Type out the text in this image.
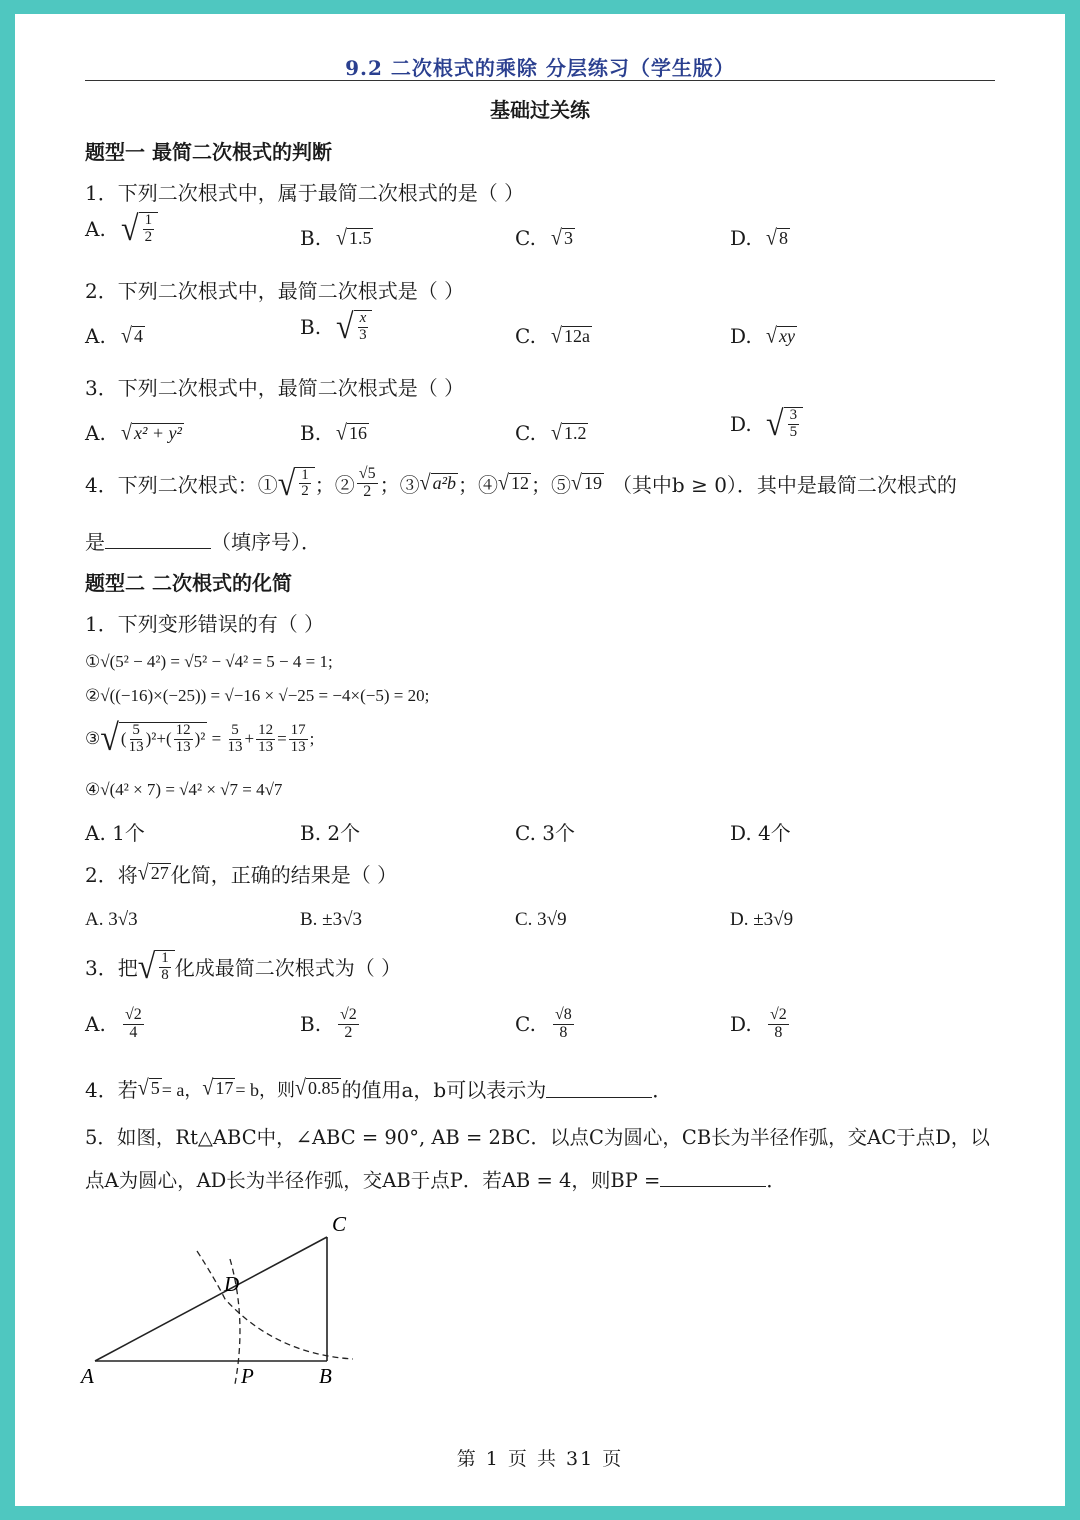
9.2 二次根式的乘除 分层练习（学生版）
基础过关练
题型一 最简二次根式的判断
1．下列二次根式中，属于最简二次根式的是（ ）
A. √ $\frac{1}{2}$	B. √ 1.5	C. √ 3	D. √ 8
2．下列二次根式中，最简二次根式是（ ）
A. √ 4	B. √ $\frac{x}{3}$	C. √ 12a	D. √ xy
3．下列二次根式中，最简二次根式是（ ）
A. √ x² + y²	B. √ 16	C. √ 1.2	D. √ $\frac{3}{5}$
4．下列二次根式：① √ $\frac{1}{2}$ ；② $\frac{√5}{2}$ ；③ √ a²b ；④ √ 12 ；⑤ √ 19 （其中b ≥ 0）．其中是最简二次根式的
是	（填序号）．
题型二 二次根式的化简
1．下列变形错误的有（ ）
①√(5² − 4²) = √5² − √4² = 5 − 4 = 1;
②√((−16)×(−25)) = √−16 × √−25 = −4×(−5) = 20;
③ √ ( $\frac{5}{13} )^2+( \frac{12}{13} )^2 = \frac{5}{13} + \frac{12}{13} = \frac{17}{13}$ ;
④√(4² × 7) = √4² × √7 = 4√7
A. 1个	B. 2个	C. 3个	D. 4个
2．将 √ 27 化简，正确的结果是（ ）
A. 3√3	B. ±3√3	C. 3√9	D. ±3√9
3．把 √ $\frac{1}{8}$ 化成最简二次根式为（ ）
A.	$\frac{√2}{4}$	B.	$\frac{√2}{2}$	C.	$\frac{√8}{8}$	D.	$\frac{√2}{8}$
4．若 √ 5 = a， √ 17 = b，则 √ 0.85 的值用a，b可以表示为	．
5．如图，Rt△ABC中，∠ABC = 90°, AB = 2BC．以点C为圆心，CB长为半径作弧，交AC于点D，以
点A为圆心，AD长为半径作弧，交AB于点P．若AB = 4，则BP =	．
A	B
C
D
P
第 1 页 共 31 页
